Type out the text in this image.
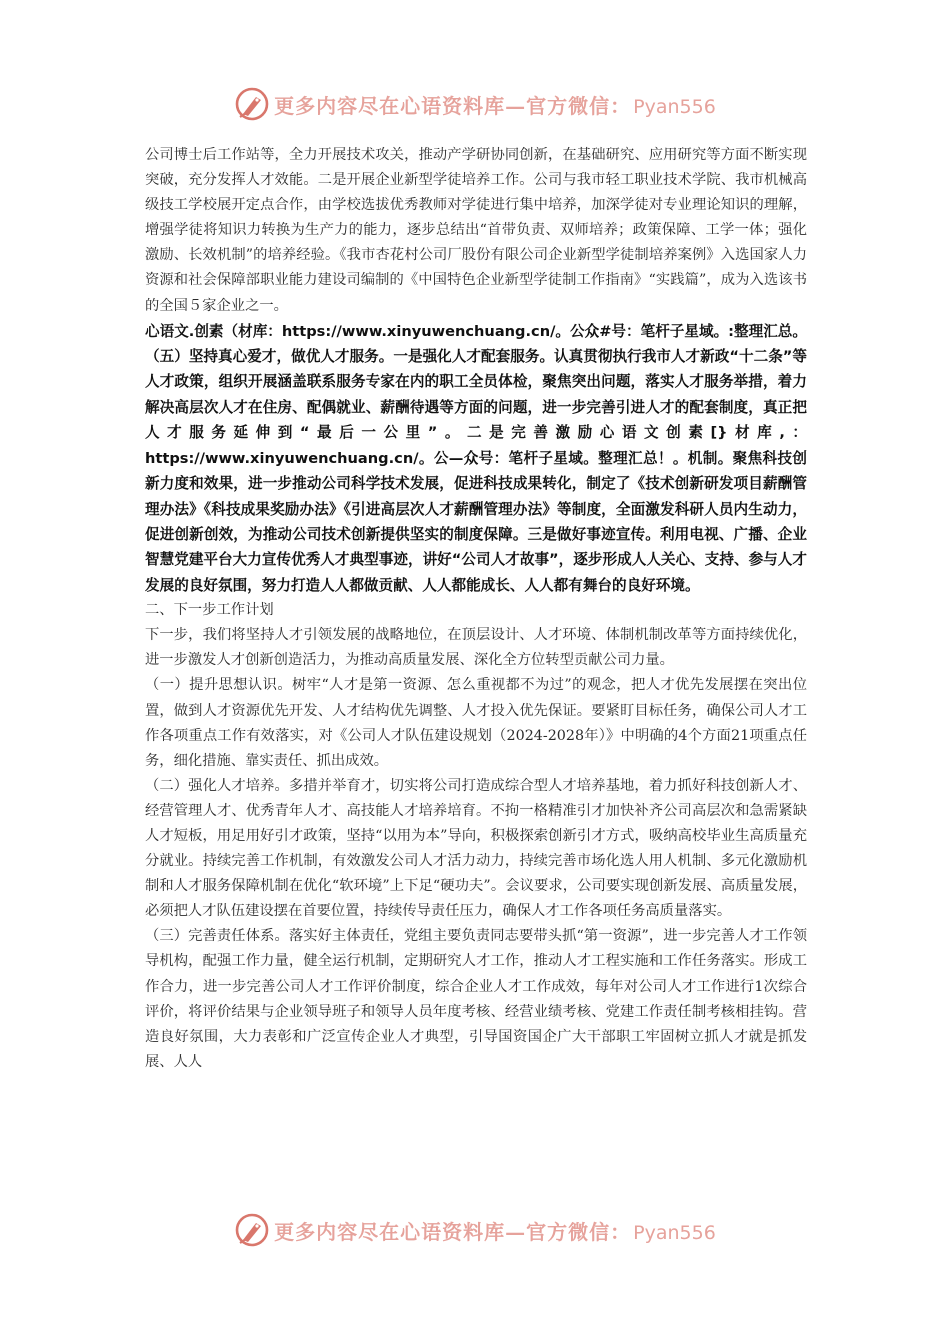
更多内容尽在心语资料库—官方微信： Pyan556

公司博士后工作站等，全力开展技术攻关，推动产学研协同创新，在基础研究、应用研究等方面不断实现突破，充分发挥人才效能。二是开展企业新型学徒培养工作。公司与我市轻工职业技术学院、我市机械高级技工学校展开定点合作，由学校选拔优秀教师对学徒进行集中培养，加深学徒对专业理论知识的理解，增强学徒将知识力转换为生产力的能力，逐步总结出“首带负责、双师培养；政策保障、工学一体；强化激励、长效机制”的培养经验。《我市杏花村公司厂股份有限公司企业新型学徒制培养案例》入选国家人力资源和社会保障部职业能力建设司编制的《中国特色企业新型学徒制工作指南》“实践篇”，成为入选该书的全国５家企业之一。

心语文.创素（材库：https://www.xinyuwenchuang.cn/。公众#号：笔杆子星域。:整理汇总。（五）坚持真心爱才，做优人才服务。一是强化人才配套服务。认真贯彻执行我市人才新政“十二条”等人才政策，组织开展涵盖联系服务专家在内的职工全员体检，聚焦突出问题，落实人才服务举措，着力解决高层次人才在住房、配偶就业、薪酬待遇等方面的问题，进一步完善引进人才的配套制度，真正把人才服务延伸到“最后一公里”。二是完善激励心语文创素[}材库,：https://www.xinyuwenchuang.cn/。公—众号：笔杆子星域。整理汇总！。机制。聚焦科技创新力度和效果，进一步推动公司科学技术发展，促进科技成果转化，制定了《技术创新研发项目薪酬管理办法》《科技成果奖励办法》《引进高层次人才薪酬管理办法》等制度，全面激发科研人员内生动力，促进创新创效，为推动公司技术创新提供坚实的制度保障。三是做好事迹宣传。利用电视、广播、企业智慧党建平台大力宣传优秀人才典型事迹，讲好“公司人才故事”，逐步形成人人关心、支持、参与人才发展的良好氛围，努力打造人人都做贡献、人人都能成长、人人都有舞台的良好环境。

二、下一步工作计划

下一步，我们将坚持人才引领发展的战略地位，在顶层设计、人才环境、体制机制改革等方面持续优化，进一步激发人才创新创造活力，为推动高质量发展、深化全方位转型贡献公司力量。

（一）提升思想认识。树牢“人才是第一资源、怎么重视都不为过”的观念，把人才优先发展摆在突出位置，做到人才资源优先开发、人才结构优先调整、人才投入优先保证。要紧盯目标任务，确保公司人才工作各项重点工作有效落实，对《公司人才队伍建设规划（2024-2028年）》中明确的4个方面21项重点任务，细化措施、靠实责任、抓出成效。

（二）强化人才培养。多措并举育才，切实将公司打造成综合型人才培养基地，着力抓好科技创新人才、经营管理人才、优秀青年人才、高技能人才培养培育。不拘一格精准引才加快补齐公司高层次和急需紧缺人才短板，用足用好引才政策，坚持“以用为本”导向，积极探索创新引才方式，吸纳高校毕业生高质量充分就业。持续完善工作机制，有效激发公司人才活力动力，持续完善市场化选人用人机制、多元化激励机制和人才服务保障机制在优化“软环境”上下足“硬功夫”。会议要求，公司要实现创新发展、高质量发展，必须把人才队伍建设摆在首要位置，持续传导责任压力，确保人才工作各项任务高质量落实。

（三）完善责任体系。落实好主体责任，党组主要负责同志要带头抓“第一资源”，进一步完善人才工作领导机构，配强工作力量，健全运行机制，定期研究人才工作，推动人才工程实施和工作任务落实。形成工作合力，进一步完善公司人才工作评价制度，综合企业人才工作成效，每年对公司人才工作进行1次综合评价，将评价结果与企业领导班子和领导人员年度考核、经营业绩考核、党建工作责任制考核相挂钩。营造良好氛围，大力表彰和广泛宣传企业人才典型，引导国资国企广大干部职工牢固树立抓人才就是抓发展、人人

更多内容尽在心语资料库—官方微信： Pyan556
